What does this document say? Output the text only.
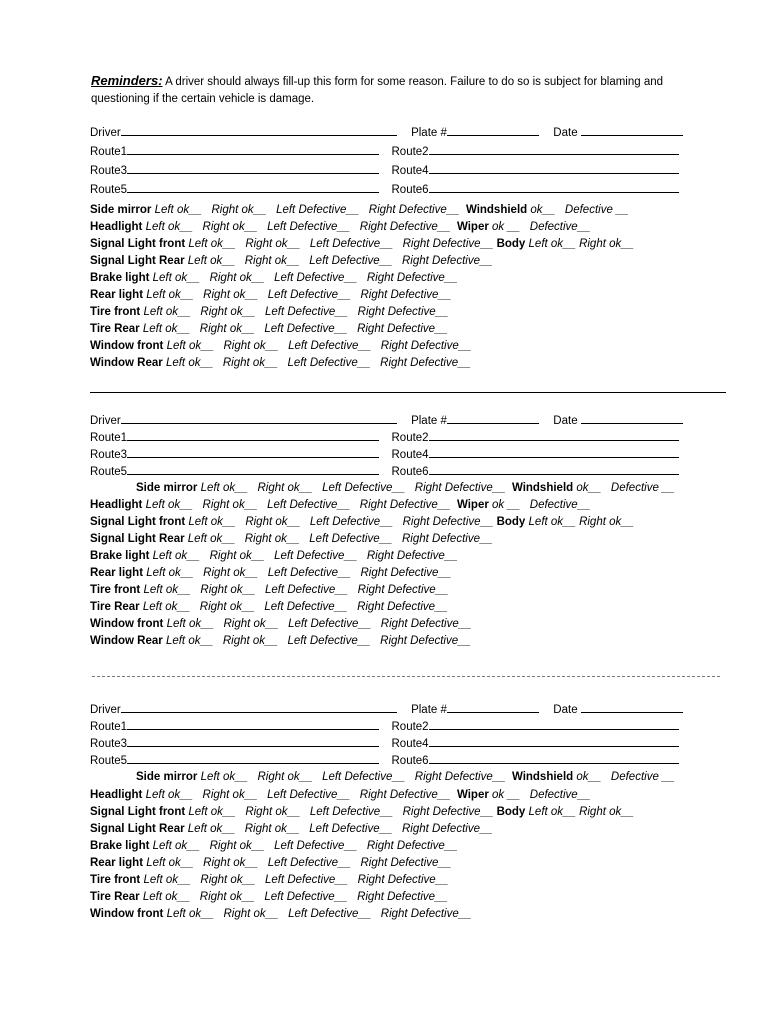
Reminders: A driver should always fill-up this form for some reason. Failure to do so is subject for blaming and questioning if the certain vehicle is damage.
Driver	Plate #	Date
Route1	Route2
Route3	Route4
Route5	Route6
Side mirror Left ok__ Right ok__ Left Defective__ Right Defective__ Windshield ok__ Defective __
Headlight Left ok__ Right ok__ Left Defective__ Right Defective__ Wiper ok __ Defective__
Signal Light front Left ok__ Right ok__ Left Defective__ Right Defective__ Body Left ok__ Right ok__
Signal Light Rear Left ok__ Right ok__ Left Defective__ Right Defective__
Brake light Left ok__ Right ok__ Left Defective__ Right Defective__
Rear light Left ok__ Right ok__ Left Defective__ Right Defective__
Tire front Left ok__ Right ok__ Left Defective__ Right Defective__
Tire Rear Left ok__ Right ok__ Left Defective__ Right Defective__
Window front Left ok__ Right ok__ Left Defective__ Right Defective__
Window Rear Left ok__ Right ok__ Left Defective__ Right Defective__
Driver	Plate #	Date
Route1	Route2
Route3	Route4
Route5	Route6
Side mirror Left ok__ Right ok__ Left Defective__ Right Defective__ Windshield ok__ Defective __
Headlight Left ok__ Right ok__ Left Defective__ Right Defective__ Wiper ok __ Defective__
Signal Light front Left ok__ Right ok__ Left Defective__ Right Defective__ Body Left ok__ Right ok__
Signal Light Rear Left ok__ Right ok__ Left Defective__ Right Defective__
Brake light Left ok__ Right ok__ Left Defective__ Right Defective__
Rear light Left ok__ Right ok__ Left Defective__ Right Defective__
Tire front Left ok__ Right ok__ Left Defective__ Right Defective__
Tire Rear Left ok__ Right ok__ Left Defective__ Right Defective__
Window front Left ok__ Right ok__ Left Defective__ Right Defective__
Window Rear Left ok__ Right ok__ Left Defective__ Right Defective__
Driver	Plate #	Date
Route1	Route2
Route3	Route4
Route5	Route6
Side mirror Left ok__ Right ok__ Left Defective__ Right Defective__ Windshield ok__ Defective __
Headlight Left ok__ Right ok__ Left Defective__ Right Defective__ Wiper ok __ Defective__
Signal Light front Left ok__ Right ok__ Left Defective__ Right Defective__ Body Left ok__ Right ok__
Signal Light Rear Left ok__ Right ok__ Left Defective__ Right Defective__
Brake light Left ok__ Right ok__ Left Defective__ Right Defective__
Rear light Left ok__ Right ok__ Left Defective__ Right Defective__
Tire front Left ok__ Right ok__ Left Defective__ Right Defective__
Tire Rear Left ok__ Right ok__ Left Defective__ Right Defective__
Window front Left ok__ Right ok__ Left Defective__ Right Defective__
